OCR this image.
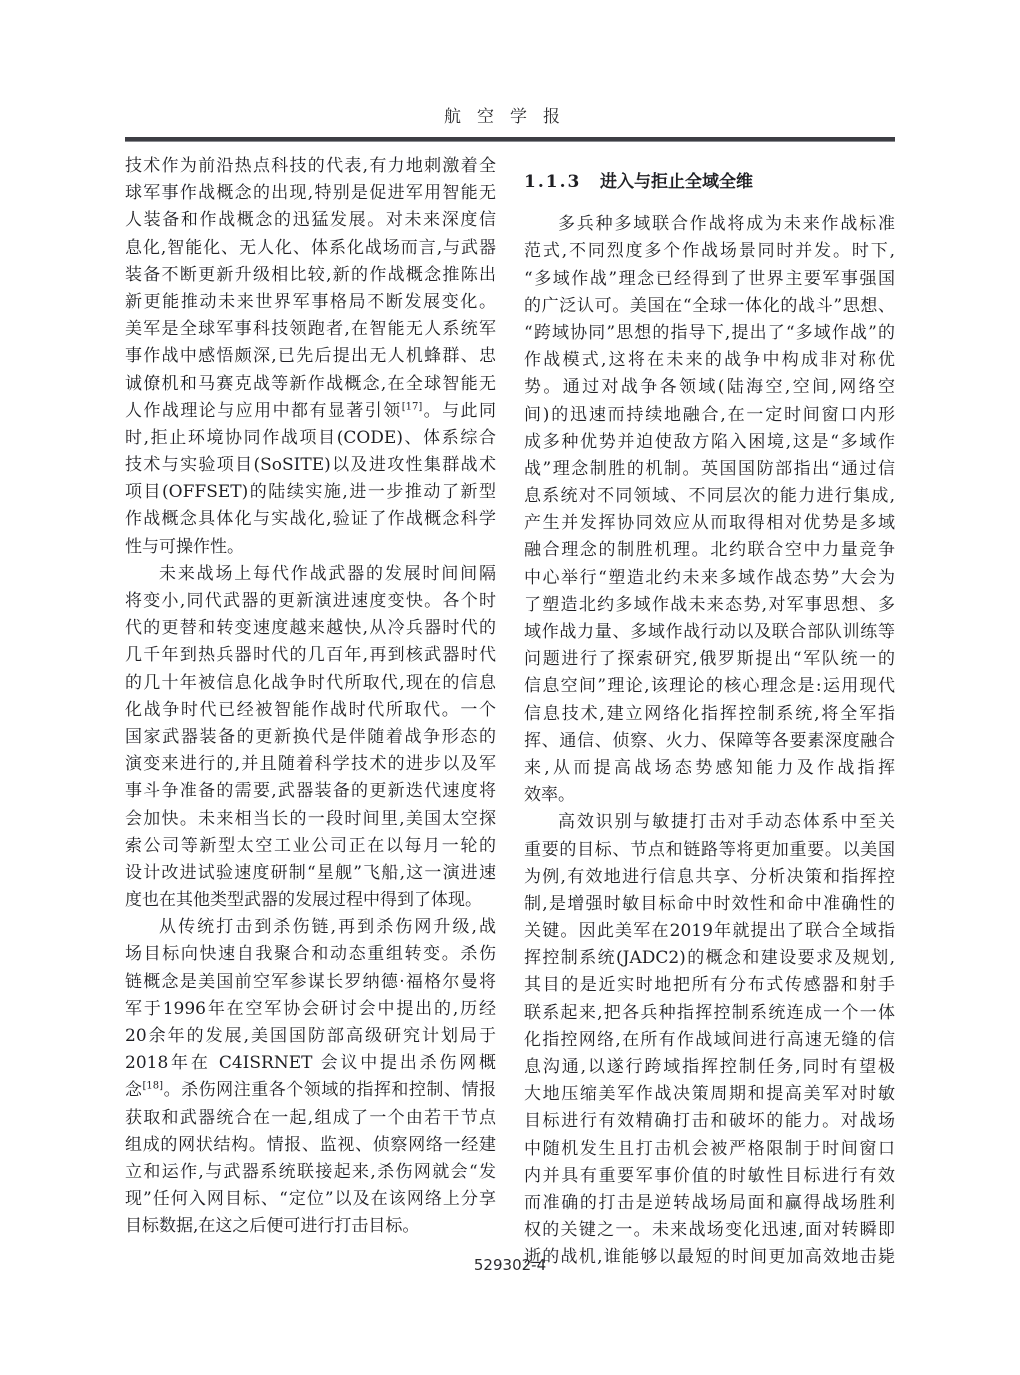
航空学报
技术作为前沿热点科技的代表,有力地刺激着全
球军事作战概念的出现,特别是促进军用智能无
人装备和作战概念的迅猛发展。对未来深度信
息化,智能化、无人化、体系化战场而言,与武器
装备不断更新升级相比较,新的作战概念推陈出
新更能推动未来世界军事格局不断发展变化。
美军是全球军事科技领跑者,在智能无人系统军
事作战中感悟颇深,已先后提出无人机蜂群、忠
诚僚机和马赛克战等新作战概念,在全球智能无
人作战理论与应用中都有显著引领[17]。与此同
时,拒止环境协同作战项目(CODE)、体系综合
技术与实验项目(SoSITE)以及进攻性集群战术
项目(OFFSET)的陆续实施,进一步推动了新型
作战概念具体化与实战化,验证了作战概念科学
性与可操作性。
未来战场上每代作战武器的发展时间间隔
将变小,同代武器的更新演进速度变快。各个时
代的更替和转变速度越来越快,从冷兵器时代的
几千年到热兵器时代的几百年,再到核武器时代
的几十年被信息化战争时代所取代,现在的信息
化战争时代已经被智能作战时代所取代。一个
国家武器装备的更新换代是伴随着战争形态的
演变来进行的,并且随着科学技术的进步以及军
事斗争准备的需要,武器装备的更新迭代速度将
会加快。未来相当长的一段时间里,美国太空探
索公司等新型太空工业公司正在以每月一轮的
设计改进试验速度研制“星舰”飞船,这一演进速
度也在其他类型武器的发展过程中得到了体现。
从传统打击到杀伤链,再到杀伤网升级,战
场目标向快速自我聚合和动态重组转变。杀伤
链概念是美国前空军参谋长罗纳德·福格尔曼将
军于1996年在空军协会研讨会中提出的,历经
20余年的发展,美国国防部高级研究计划局于
2018年在 C4ISRNET 会议中提出杀伤网概
念[18]。杀伤网注重各个领域的指挥和控制、情报
获取和武器统合在一起,组成了一个由若干节点
组成的网状结构。情报、监视、侦察网络一经建
立和运作,与武器系统联接起来,杀伤网就会“发
现”任何入网目标、“定位”以及在该网络上分享
目标数据,在这之后便可进行打击目标。
1.1.3 进入与拒止全域全维
多兵种多域联合作战将成为未来作战标准
范式,不同烈度多个作战场景同时并发。时下,
“多域作战”理念已经得到了世界主要军事强国
的广泛认可。美国在“全球一体化的战斗”思想、
“跨域协同”思想的指导下,提出了“多域作战”的
作战模式,这将在未来的战争中构成非对称优
势。通过对战争各领域(陆海空,空间,网络空
间)的迅速而持续地融合,在一定时间窗口内形
成多种优势并迫使敌方陷入困境,这是“多域作
战”理念制胜的机制。英国国防部指出“通过信
息系统对不同领域、不同层次的能力进行集成,
产生并发挥协同效应从而取得相对优势是多域
融合理念的制胜机理。北约联合空中力量竞争
中心举行“塑造北约未来多域作战态势”大会为
了塑造北约多域作战未来态势,对军事思想、多
域作战力量、多域作战行动以及联合部队训练等
问题进行了探索研究,俄罗斯提出“军队统一的
信息空间”理论,该理论的核心理念是:运用现代
信息技术,建立网络化指挥控制系统,将全军指
挥、通信、侦察、火力、保障等各要素深度融合
来,从而提高战场态势感知能力及作战指挥
效率。
高效识别与敏捷打击对手动态体系中至关
重要的目标、节点和链路等将更加重要。以美国
为例,有效地进行信息共享、分析决策和指挥控
制,是增强时敏目标命中时效性和命中准确性的
关键。因此美军在2019年就提出了联合全域指
挥控制系统(JADC2)的概念和建设要求及规划,
其目的是近实时地把所有分布式传感器和射手
联系起来,把各兵种指挥控制系统连成一个一体
化指控网络,在所有作战域间进行高速无缝的信
息沟通,以遂行跨域指挥控制任务,同时有望极
大地压缩美军作战决策周期和提高美军对时敏
目标进行有效精确打击和破坏的能力。对战场
中随机发生且打击机会被严格限制于时间窗口
内并具有重要军事价值的时敏性目标进行有效
而准确的打击是逆转战场局面和赢得战场胜利
权的关键之一。未来战场变化迅速,面对转瞬即
逝的战机,谁能够以最短的时间更加高效地击毙
529302-4
